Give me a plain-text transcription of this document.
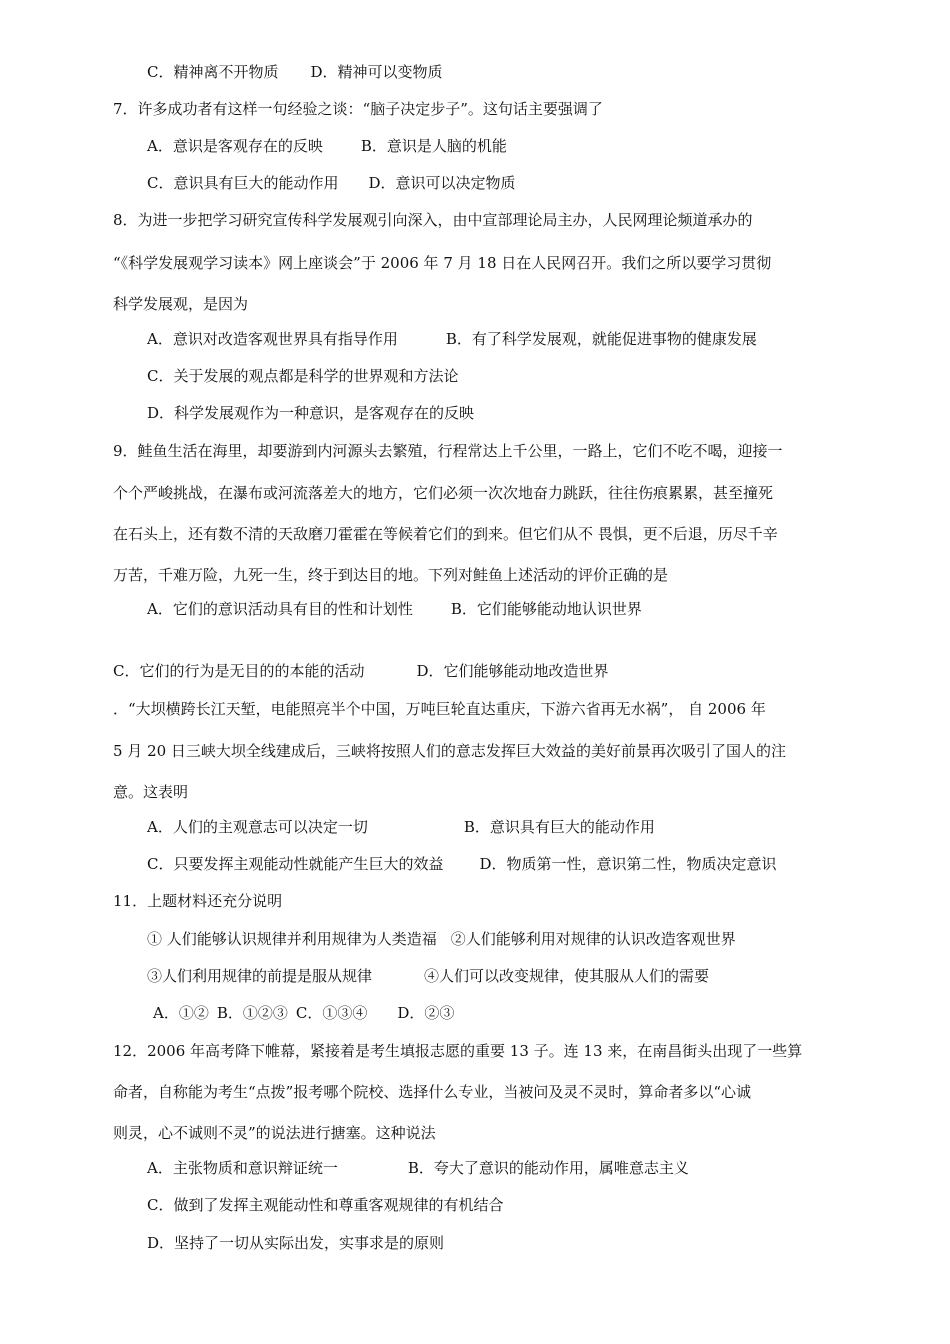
C．精神离不开物质 D．精神可以变物质
7．许多成功者有这样一句经验之谈：“脑子决定步子”。这句话主要强调了
A．意识是客观存在的反映	B．意识是人脑的机能
C．意识具有巨大的能动作用 D．意识可以决定物质
8．为进一步把学习研究宣传科学发展观引向深入，由中宣部理论局主办，人民网理论频道承办的
“《科学发展观学习读本》网上座谈会”于 2006 年 7 月 18 日在人民网召开。我们之所以要学习贯彻
科学发展观，是因为
A．意识对改造客观世界具有指导作用	B．有了科学发展观，就能促进事物的健康发展
C．关于发展的观点都是科学的世界观和方法论
D．科学发展观作为一种意识，是客观存在的反映
9．鲑鱼生活在海里，却要游到内河源头去繁殖，行程常达上千公里，一路上，它们不吃不喝，迎接一
个个严峻挑战，在瀑布或河流落差大的地方，它们必须一次次地奋力跳跃，往往伤痕累累，甚至撞死
在石头上，还有数不清的天敌磨刀霍霍在等候着它们的到来。但它们从不 畏惧，更不后退，历尽千辛
万苦，千难万险，九死一生，终于到达目的地。下列对鲑鱼上述活动的评价正确的是
A．它们的意识活动具有目的性和计划性	B．它们能够能动地认识世界
C．它们的行为是无目的的本能的活动	D．它们能够能动地改造世界
．“大坝横跨长江天堑，电能照亮半个中国，万吨巨轮直达重庆，下游六省再无水祸”， 自 2006 年
5 月 20 日三峡大坝全线建成后，三峡将按照人们的意志发挥巨大效益的美好前景再次吸引了国人的注
意。这表明
A．人们的主观意志可以决定一切	B．意识具有巨大的能动作用
C．只要发挥主观能动性就能产生巨大的效益 D．物质第一性，意识第二性，物质决定意识
11．上题材料还充分说明
① 人们能够认识规律并利用规律为人类造福 ②人们能够利用对规律的认识改造客观世界
③人们利用规律的前提是服从规律	④人们可以改变规律，使其服从人们的需要
A．①② B．①②③ C．①③④ D．②③
12．2006 年高考降下帷幕，紧接着是考生填报志愿的重要 13 子。连 13 来，在南昌街头出现了一些算
命者，自称能为考生“点拨”报考哪个院校、选择什么专业，当被问及灵不灵时，算命者多以“心诚
则灵，心不诚则不灵”的说法进行搪塞。这种说法
A．主张物质和意识辩证统一	B．夸大了意识的能动作用，属唯意志主义
C．做到了发挥主观能动性和尊重客观规律的有机结合
D．坚持了一切从实际出发，实事求是的原则
